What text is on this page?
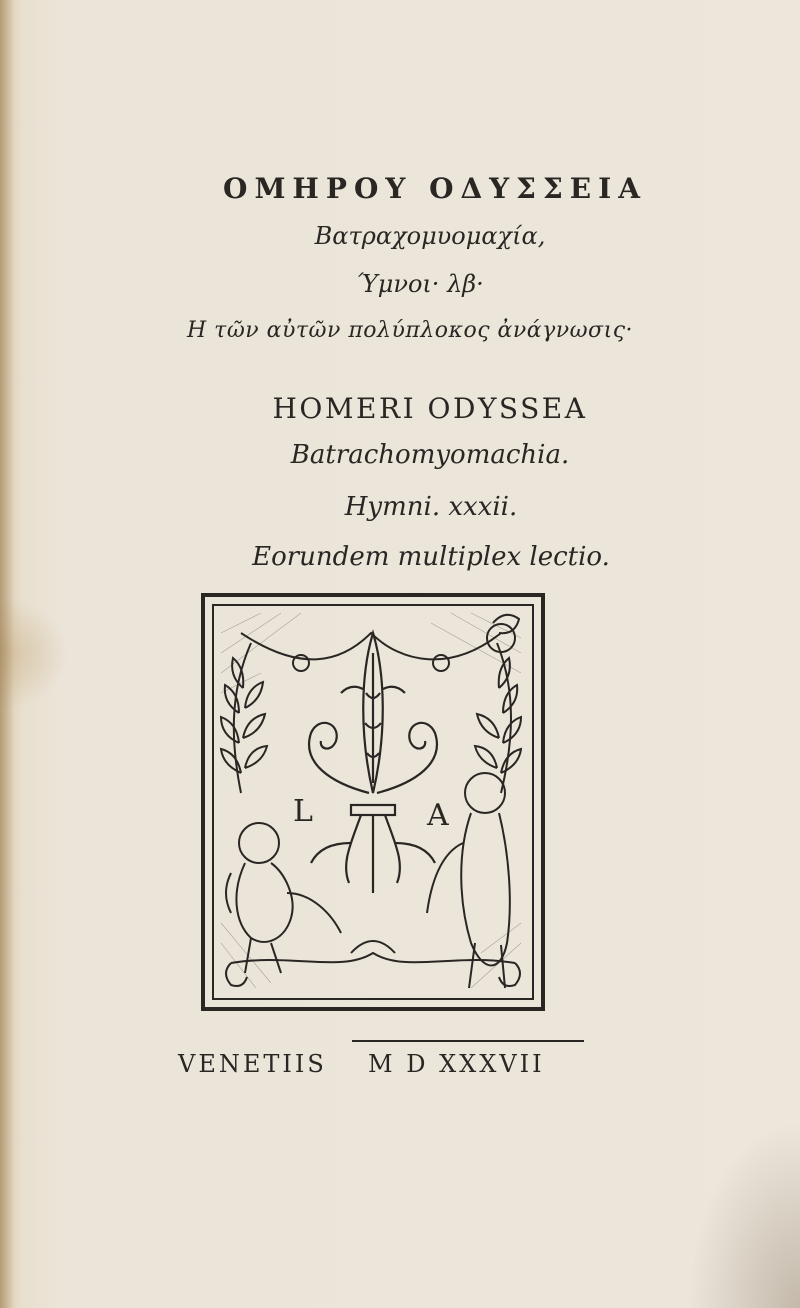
ΟΜΗΡΟΥ ΟΔΥΣΣΕΙΑ
Βατραχομυομαχία,
Ύμνοι· λβ·
Η τῶν αὐτῶν πολύπλοκος ἀνάγνωσις·
HOMERI ODYSSEA
Batrachomyomachia.
Hymni. xxxii.
Eorundem multiplex lectio.
L	A
VENETIIS M D XXXVII
